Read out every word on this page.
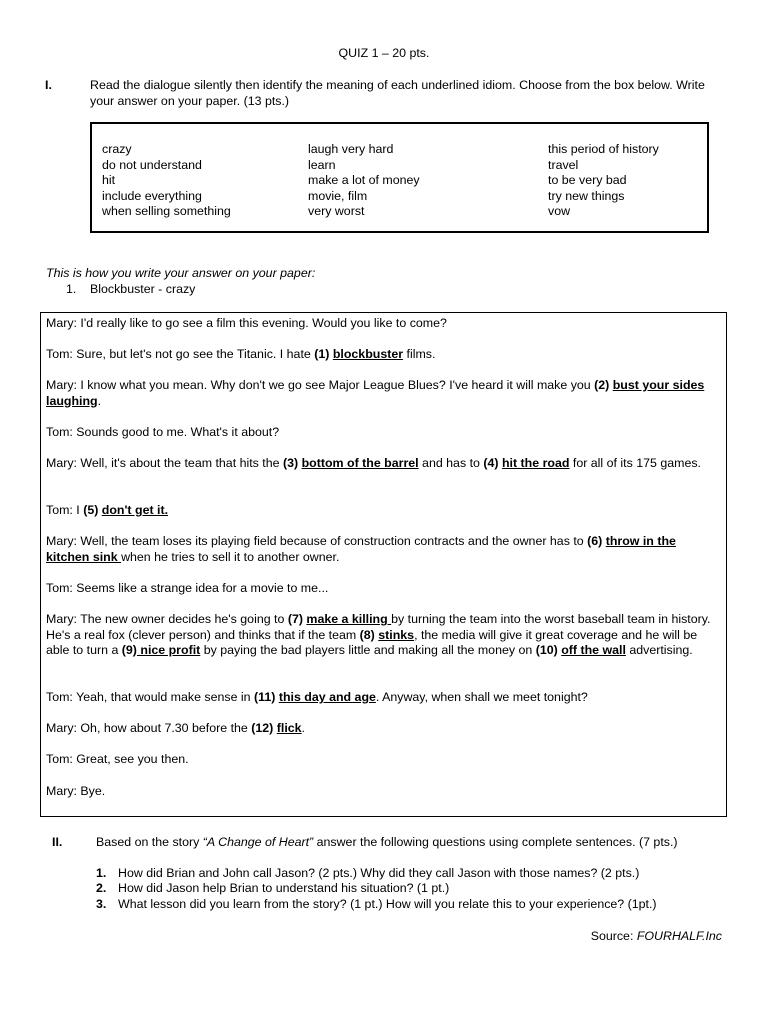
QUIZ 1 – 20 pts.
I.	Read the dialogue silently then identify the meaning of each underlined idiom. Choose from the box below. Write your answer on your paper. (13 pts.)
crazy
do not understand
hit
include everything
when selling something
laugh very hard
learn
make a lot of money
movie, film
very worst
this period of history
travel
to be very bad
try new things
vow
This is how you write your answer on your paper:
1. Blockbuster - crazy
Mary: I'd really like to go see a film this evening. Would you like to come?
Tom: Sure, but let's not go see the Titanic. I hate (1) blockbuster films.
Mary: I know what you mean. Why don't we go see Major League Blues? I've heard it will make you (2) bust your sides laughing.
Tom: Sounds good to me. What's it about?
Mary: Well, it's about the team that hits the (3) bottom of the barrel and has to (4) hit the road for all of its 175 games.
Tom: I (5) don't get it.
Mary: Well, the team loses its playing field because of construction contracts and the owner has to (6) throw in the kitchen sink when he tries to sell it to another owner.
Tom: Seems like a strange idea for a movie to me...
Mary: The new owner decides he's going to (7) make a killing by turning the team into the worst baseball team in history. He's a real fox (clever person) and thinks that if the team (8) stinks, the media will give it great coverage and he will be able to turn a (9) nice profit by paying the bad players little and making all the money on (10) off the wall advertising.
Tom: Yeah, that would make sense in (11) this day and age. Anyway, when shall we meet tonight?
Mary: Oh, how about 7.30 before the (12) flick.
Tom: Great, see you then.
Mary: Bye.
II.	Based on the story “A Change of Heart” answer the following questions using complete sentences. (7 pts.)
1. How did Brian and John call Jason? (2 pts.) Why did they call Jason with those names? (2 pts.)
2. How did Jason help Brian to understand his situation? (1 pt.)
3. What lesson did you learn from the story? (1 pt.) How will you relate this to your experience? (1pt.)
Source: FOURHALF.Inc
